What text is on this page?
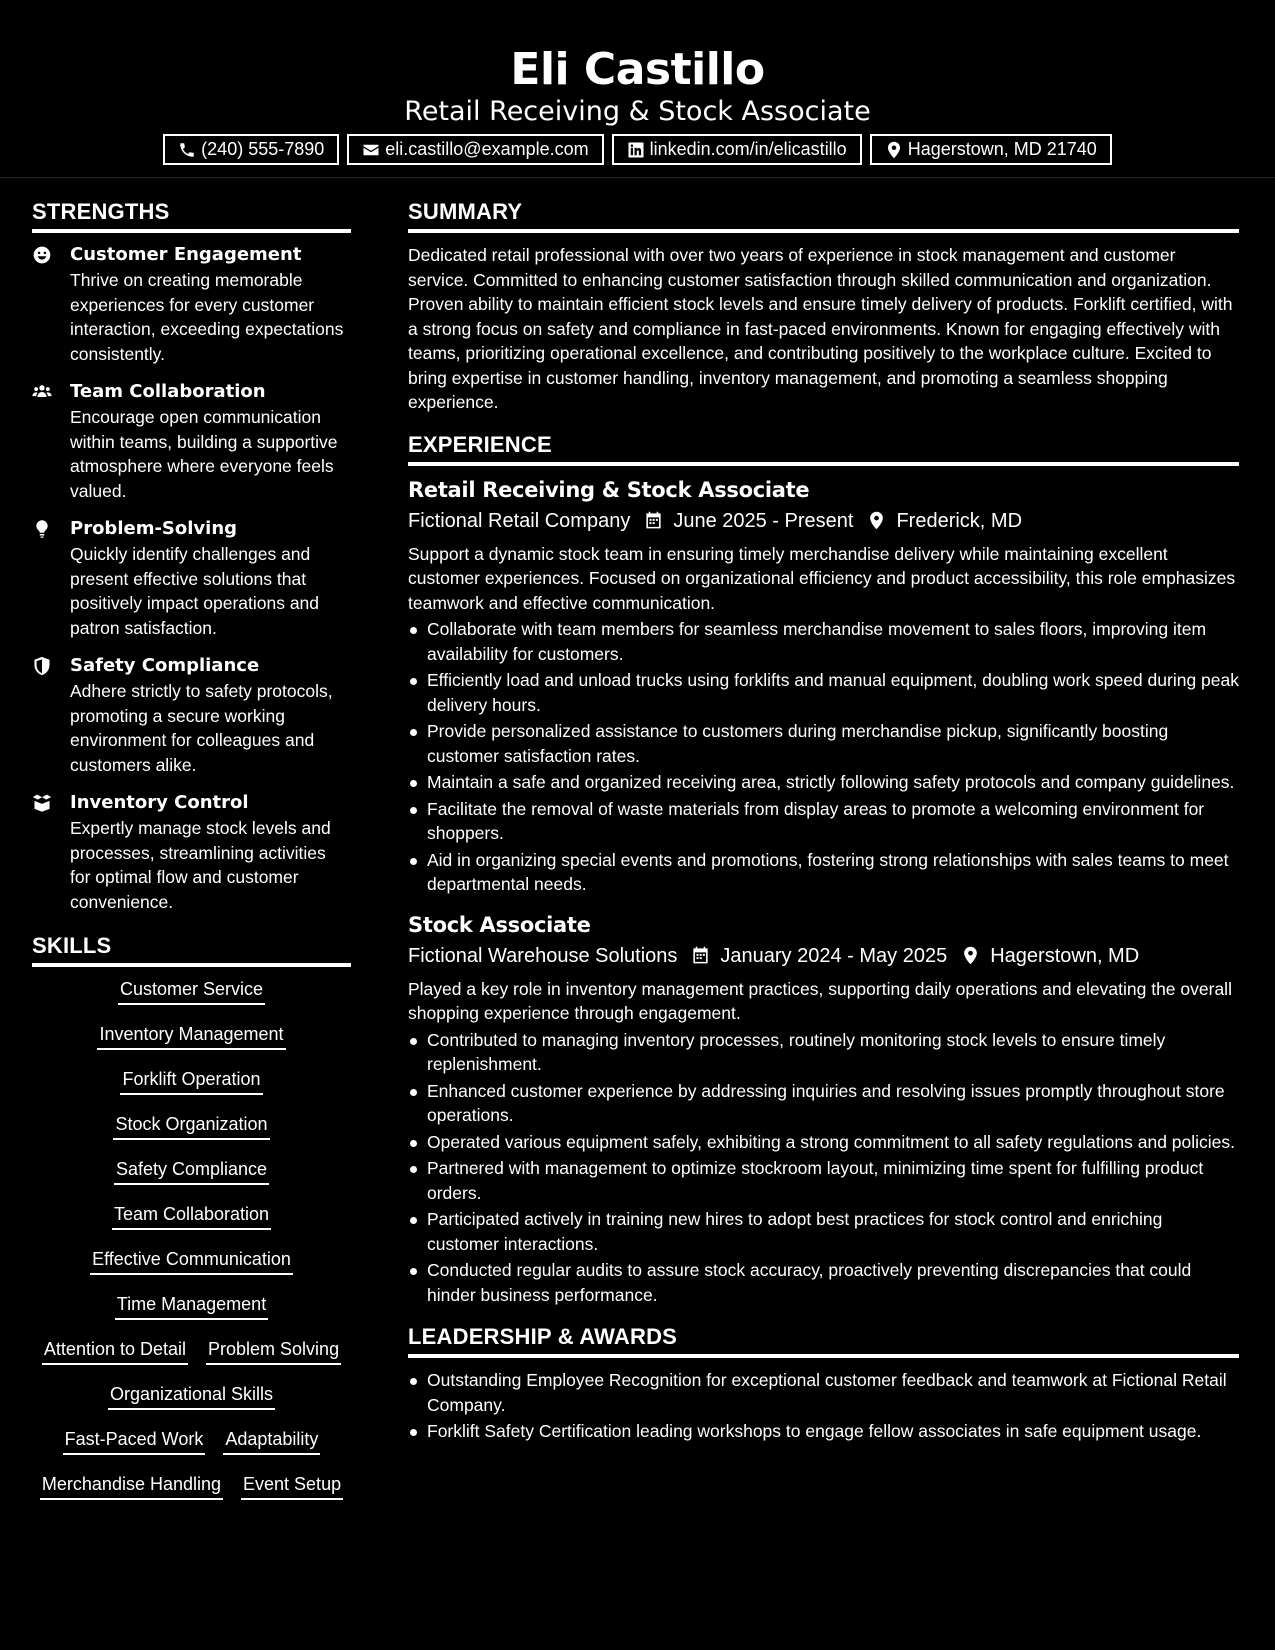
Eli Castillo
Retail Receiving & Stock Associate
(240) 555-7890	eli.castillo@example.com	linkedin.com/in/elicastillo	Hagerstown, MD 21740
STRENGTHS
Customer Engagement
Thrive on creating memorable experiences for every customer interaction, exceeding expectations consistently.
Team Collaboration
Encourage open communication within teams, building a supportive atmosphere where everyone feels valued.
Problem-Solving
Quickly identify challenges and present effective solutions that positively impact operations and patron satisfaction.
Safety Compliance
Adhere strictly to safety protocols, promoting a secure working environment for colleagues and customers alike.
Inventory Control
Expertly manage stock levels and processes, streamlining activities for optimal flow and customer convenience.
SKILLS
Customer Service
Inventory Management
Forklift Operation
Stock Organization
Safety Compliance
Team Collaboration
Effective Communication
Time Management
Attention to Detail Problem Solving
Organizational Skills
Fast-Paced Work Adaptability
Merchandise Handling Event Setup
SUMMARY

Dedicated retail professional with over two years of experience in stock management and customer service. Committed to enhancing customer satisfaction through skilled communication and organization. Proven ability to maintain efficient stock levels and ensure timely delivery of products. Forklift certified, with a strong focus on safety and compliance in fast-paced environments. Known for engaging effectively with teams, prioritizing operational excellence, and contributing positively to the workplace culture. Excited to bring expertise in customer handling, inventory management, and promoting a seamless shopping experience.

EXPERIENCE
Retail Receiving & Stock Associate
Fictional Retail Company June 2025 - Present Frederick, MD

Support a dynamic stock team in ensuring timely merchandise delivery while maintaining excellent customer experiences. Focused on organizational efficiency and product accessibility, this role emphasizes teamwork and effective communication.

Collaborate with team members for seamless merchandise movement to sales floors, improving item availability for customers.
Efficiently load and unload trucks using forklifts and manual equipment, doubling work speed during peak delivery hours.
Provide personalized assistance to customers during merchandise pickup, significantly boosting customer satisfaction rates.
Maintain a safe and organized receiving area, strictly following safety protocols and company guidelines.
Facilitate the removal of waste materials from display areas to promote a welcoming environment for shoppers.
Aid in organizing special events and promotions, fostering strong relationships with sales teams to meet departmental needs.
Stock Associate
Fictional Warehouse Solutions January 2024 - May 2025 Hagerstown, MD

Played a key role in inventory management practices, supporting daily operations and elevating the overall shopping experience through engagement.

Contributed to managing inventory processes, routinely monitoring stock levels to ensure timely replenishment.
Enhanced customer experience by addressing inquiries and resolving issues promptly throughout store operations.
Operated various equipment safely, exhibiting a strong commitment to all safety regulations and policies.
Partnered with management to optimize stockroom layout, minimizing time spent for fulfilling product orders.
Participated actively in training new hires to adopt best practices for stock control and enriching customer interactions.
Conducted regular audits to assure stock accuracy, proactively preventing discrepancies that could hinder business performance.
LEADERSHIP & AWARDS
Outstanding Employee Recognition for exceptional customer feedback and teamwork at Fictional Retail Company.
Forklift Safety Certification leading workshops to engage fellow associates in safe equipment usage.
